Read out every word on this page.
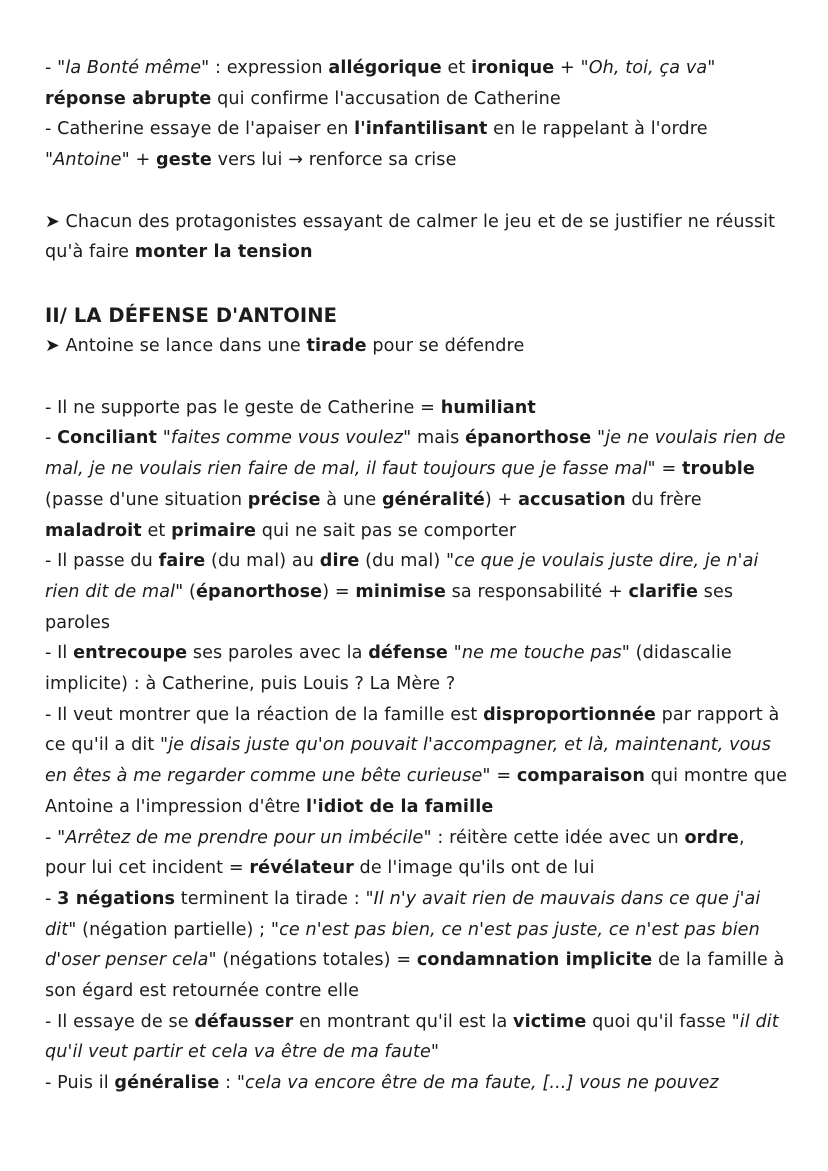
- "la Bonté même" : expression allégorique et ironique + "Oh, toi, ça va" réponse abrupte qui confirme l'accusation de Catherine

- Catherine essaye de l'apaiser en l'infantilisant en le rappelant à l'ordre "Antoine" + geste vers lui → renforce sa crise

➤ Chacun des protagonistes essayant de calmer le jeu et de se justifier ne réussit qu'à faire monter la tension

II/ LA DÉFENSE D'ANTOINE

➤ Antoine se lance dans une tirade pour se défendre

- Il ne supporte pas le geste de Catherine = humiliant

- Conciliant "faites comme vous voulez" mais épanorthose "je ne voulais rien de mal, je ne voulais rien faire de mal, il faut toujours que je fasse mal" = trouble (passe d'une situation précise à une généralité) + accusation du frère maladroit et primaire qui ne sait pas se comporter

- Il passe du faire (du mal) au dire (du mal) "ce que je voulais juste dire, je n'ai rien dit de mal" (épanorthose) = minimise sa responsabilité + clarifie ses paroles

- Il entrecoupe ses paroles avec la défense "ne me touche pas" (didascalie implicite) : à Catherine, puis Louis ? La Mère ?

- Il veut montrer que la réaction de la famille est disproportionnée par rapport à ce qu'il a dit "je disais juste qu'on pouvait l'accompagner, et là, maintenant, vous en êtes à me regarder comme une bête curieuse" = comparaison qui montre que Antoine a l'impression d'être l'idiot de la famille

- "Arrêtez de me prendre pour un imbécile" : réitère cette idée avec un ordre, pour lui cet incident = révélateur de l'image qu'ils ont de lui

- 3 négations terminent la tirade : "Il n'y avait rien de mauvais dans ce que j'ai dit" (négation partielle) ; "ce n'est pas bien, ce n'est pas juste, ce n'est pas bien d'oser penser cela" (négations totales) = condamnation implicite de la famille à son égard est retournée contre elle

- Il essaye de se défausser en montrant qu'il est la victime quoi qu'il fasse "il dit qu'il veut partir et cela va être de ma faute"

- Puis il généralise : "cela va encore être de ma faute, [...] vous ne pouvez
